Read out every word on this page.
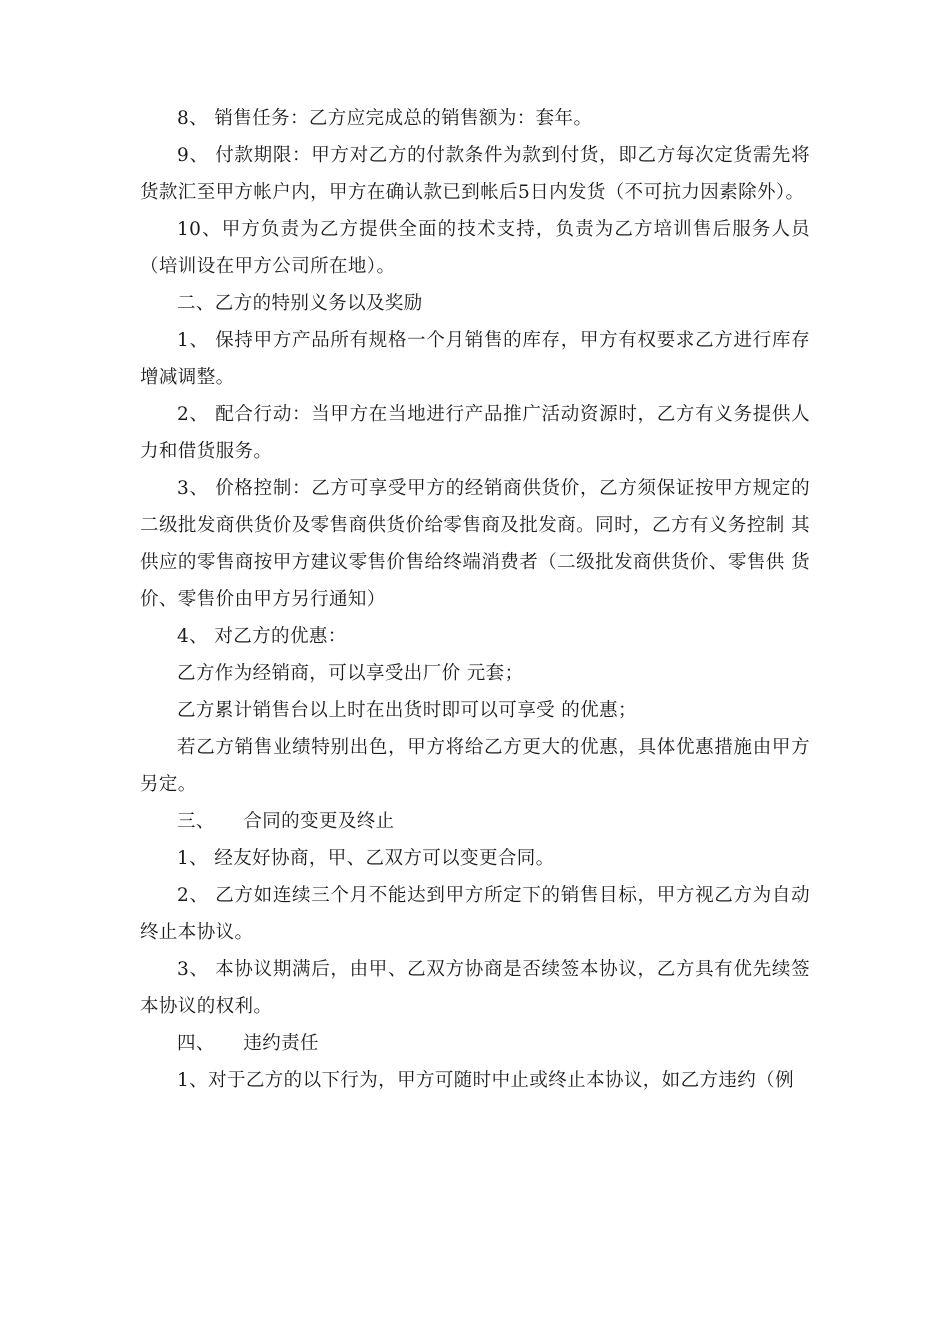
8、 销售任务：乙方应完成总的销售额为：套年。

9、 付款期限：甲方对乙方的付款条件为款到付货，即乙方每次定货需先将 货款汇至甲方帐户内，甲方在确认款已到帐后5日内发货（不可抗力因素除外）。

10、甲方负责为乙方提供全面的技术支持，负责为乙方培训售后服务人员（培训设在甲方公司所在地）。

二、乙方的特别义务以及奖励

1、 保持甲方产品所有规格一个月销售的库存，甲方有权要求乙方进行库存 增减调整。

2、 配合行动：当甲方在当地进行产品推广活动资源时，乙方有义务提供人 力和借货服务。

3、 价格控制：乙方可享受甲方的经销商供货价，乙方须保证按甲方规定的 二级批发商供货价及零售商供货价给零售商及批发商。同时，乙方有义务控制 其供应的零售商按甲方建议零售价售给终端消费者（二级批发商供货价、零售供 货价、零售价由甲方另行通知）

4、 对乙方的优惠：

乙方作为经销商，可以享受出厂价 元套；

乙方累计销售台以上时在出货时即可以可享受 的优惠；

若乙方销售业绩特别出色，甲方将给乙方更大的优惠，具体优惠措施由甲方另定。

三、　　合同的变更及终止

1、 经友好协商，甲、乙双方可以变更合同。

2、 乙方如连续三个月不能达到甲方所定下的销售目标，甲方视乙方为自动 终止本协议。

3、 本协议期满后，由甲、乙双方协商是否续签本协议，乙方具有优先续签 本协议的权利。

四、　　违约责任

1、对于乙方的以下行为，甲方可随时中止或终止本协议，如乙方违约（例
